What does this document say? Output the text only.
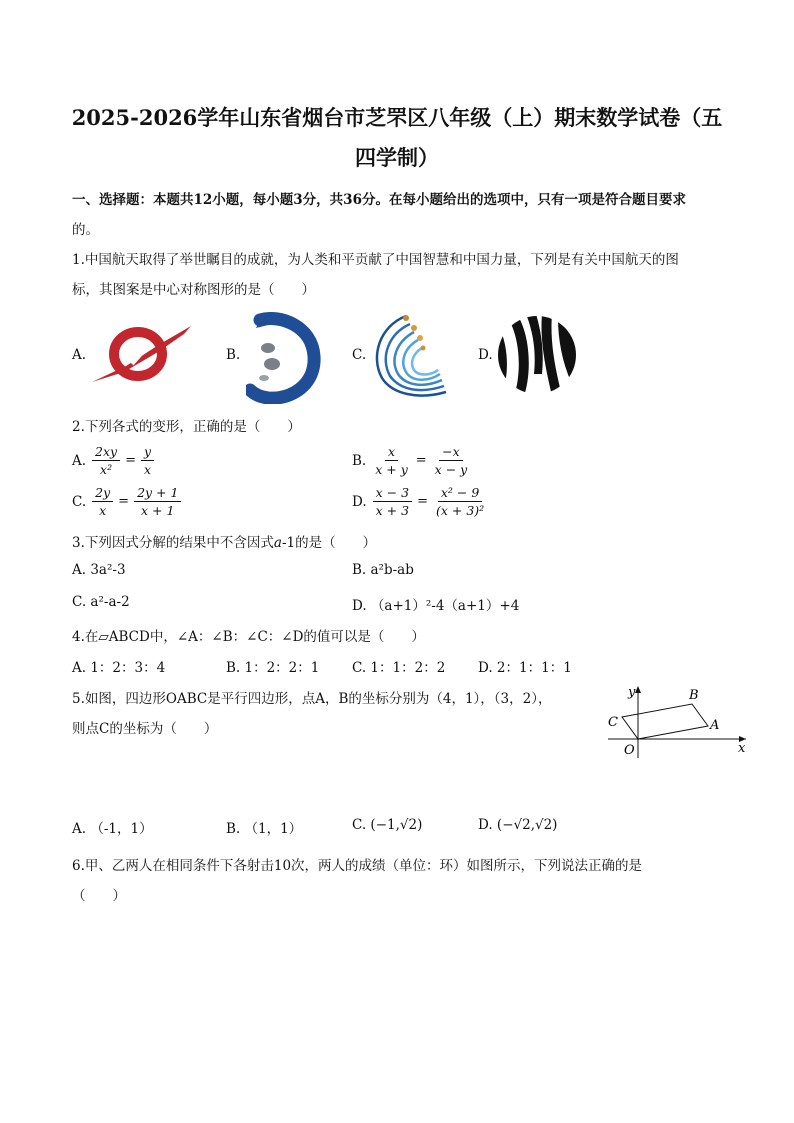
2025-2026学年山东省烟台市芝罘区八年级（上）期末数学试卷（五
四学制）
一、选择题：本题共12小题，每小题3分，共36分。在每小题给出的选项中，只有一项是符合题目要求
的。
1.中国航天取得了举世瞩目的成就，为人类和平贡献了中国智慧和中国力量，下列是有关中国航天的图
标，其图案是中心对称图形的是（　　）
A.	B.	C.	D.
2.下列各式的变形，正确的是（　　）
A. $\frac{2xy}{\text{x²}} = \frac{y}{x}$	B. $\frac{x}{x + y} = \frac{-x}{x - y}$
C. $\frac{2y}{x} = \frac{2y + 1}{x + 1}$	D. $\frac{x - 3}{x + 3} = \frac{\text{x² − 9}}{\text{(x + 3)²}}$
3.下列因式分解的结果中不含因式a-1的是（　　）
A. 3a²-3	B. a²b-ab
C. a²-a-2	D. （a+1）²-4（a+1）+4
4.在▱ABCD中，∠A：∠B：∠C：∠D的值可以是（　　）
A. 1：2：3：4	B. 1：2：2：1 C. 1：1：2：2 D. 2：1：1：1
5.如图，四边形OABC是平行四边形，点A，B的坐标分别为（4，1），（3，2），
则点C的坐标为（　　）
y
x
O
A
B
C
A. （-1，1）	B. （1，1）	C. (−1,√2)	D. (−√2,√2)
6.甲、乙两人在相同条件下各射击10次，两人的成绩（单位：环）如图所示，下列说法正确的是
（　　）
